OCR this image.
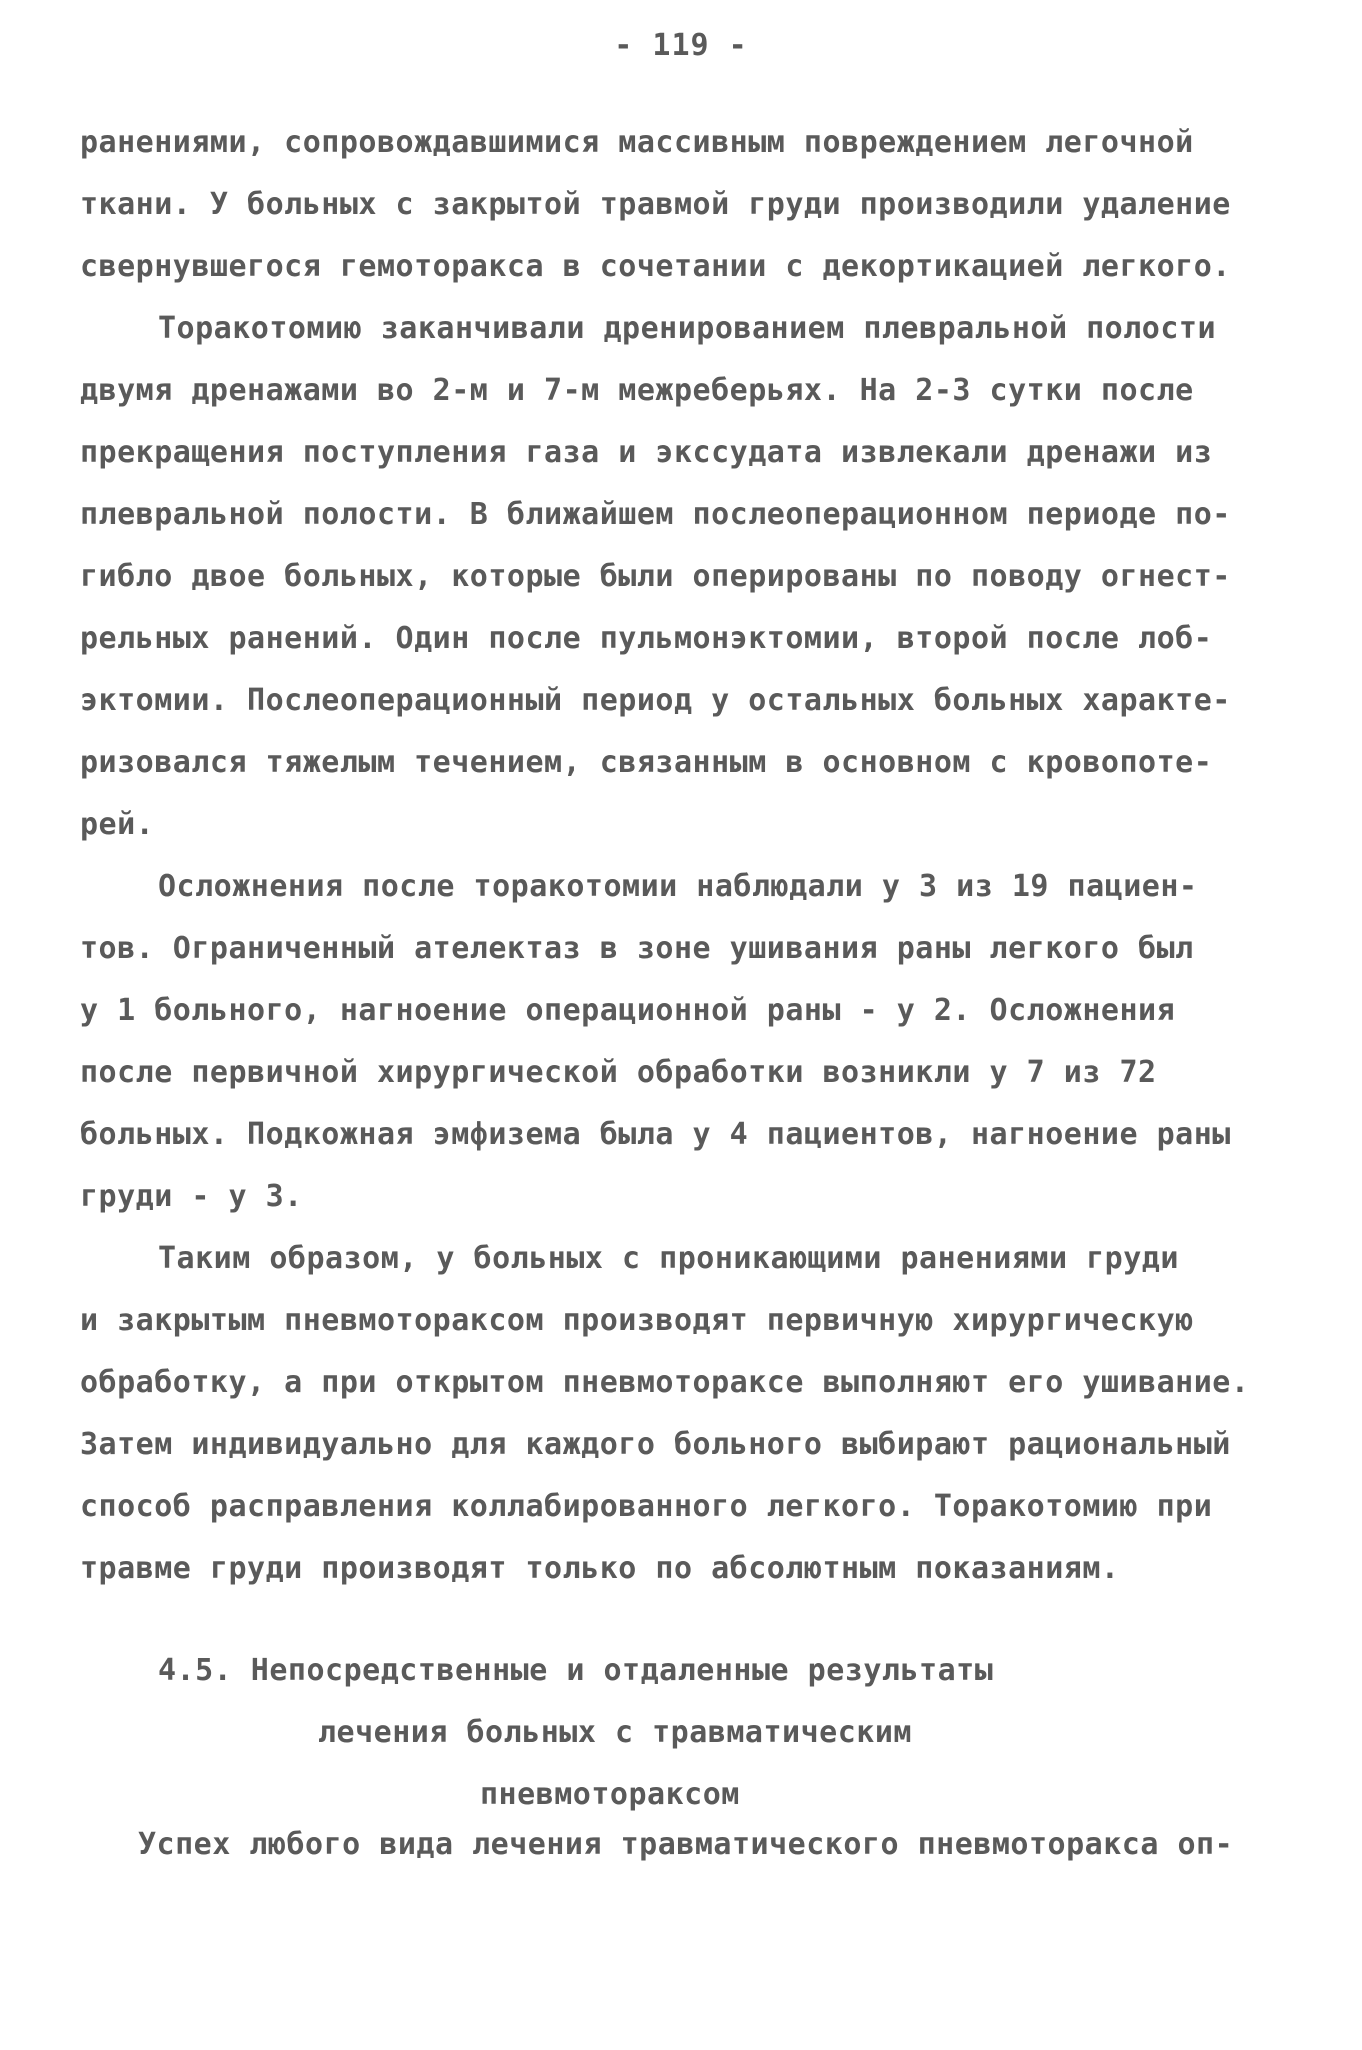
- 119 -
ранениями, сопровождавшимися массивным повреждением легочной
ткани. У больных с закрытой травмой груди производили удаление
свернувшегося гемоторакса в сочетании с декортикацией легкого.
Торакотомию заканчивали дренированием плевральной полости
двумя дренажами во 2-м и 7-м межреберьях. На 2-3 сутки после
прекращения поступления газа и экссудата извлекали дренажи из
плевральной полости. В ближайшем послеоперационном периоде по-
гибло двое больных, которые были оперированы по поводу огнест-
рельных ранений. Один после пульмонэктомии, второй после лоб-
эктомии. Послеоперационный период у остальных больных характе-
ризовался тяжелым течением, связанным в основном с кровопоте-
рей.
Осложнения после торакотомии наблюдали у 3 из 19 пациен-
тов. Ограниченный ателектаз в зоне ушивания раны легкого был
у 1 больного, нагноение операционной раны - у 2. Осложнения
после первичной хирургической обработки возникли у 7 из 72
больных. Подкожная эмфизема была у 4 пациентов, нагноение раны
груди - у 3.
Таким образом, у больных с проникающими ранениями груди
и закрытым пневмотораксом производят первичную хирургическую
обработку, а при открытом пневмотораксе выполняют его ушивание.
Затем индивидуально для каждого больного выбирают рациональный
способ расправления коллабированного легкого. Торакотомию при
травме груди производят только по абсолютным показаниям.
4.5. Непосредственные и отдаленные результаты
лечения больных с травматическим
пневмотораксом
Успех любого вида лечения травматического пневмоторакса оп-
